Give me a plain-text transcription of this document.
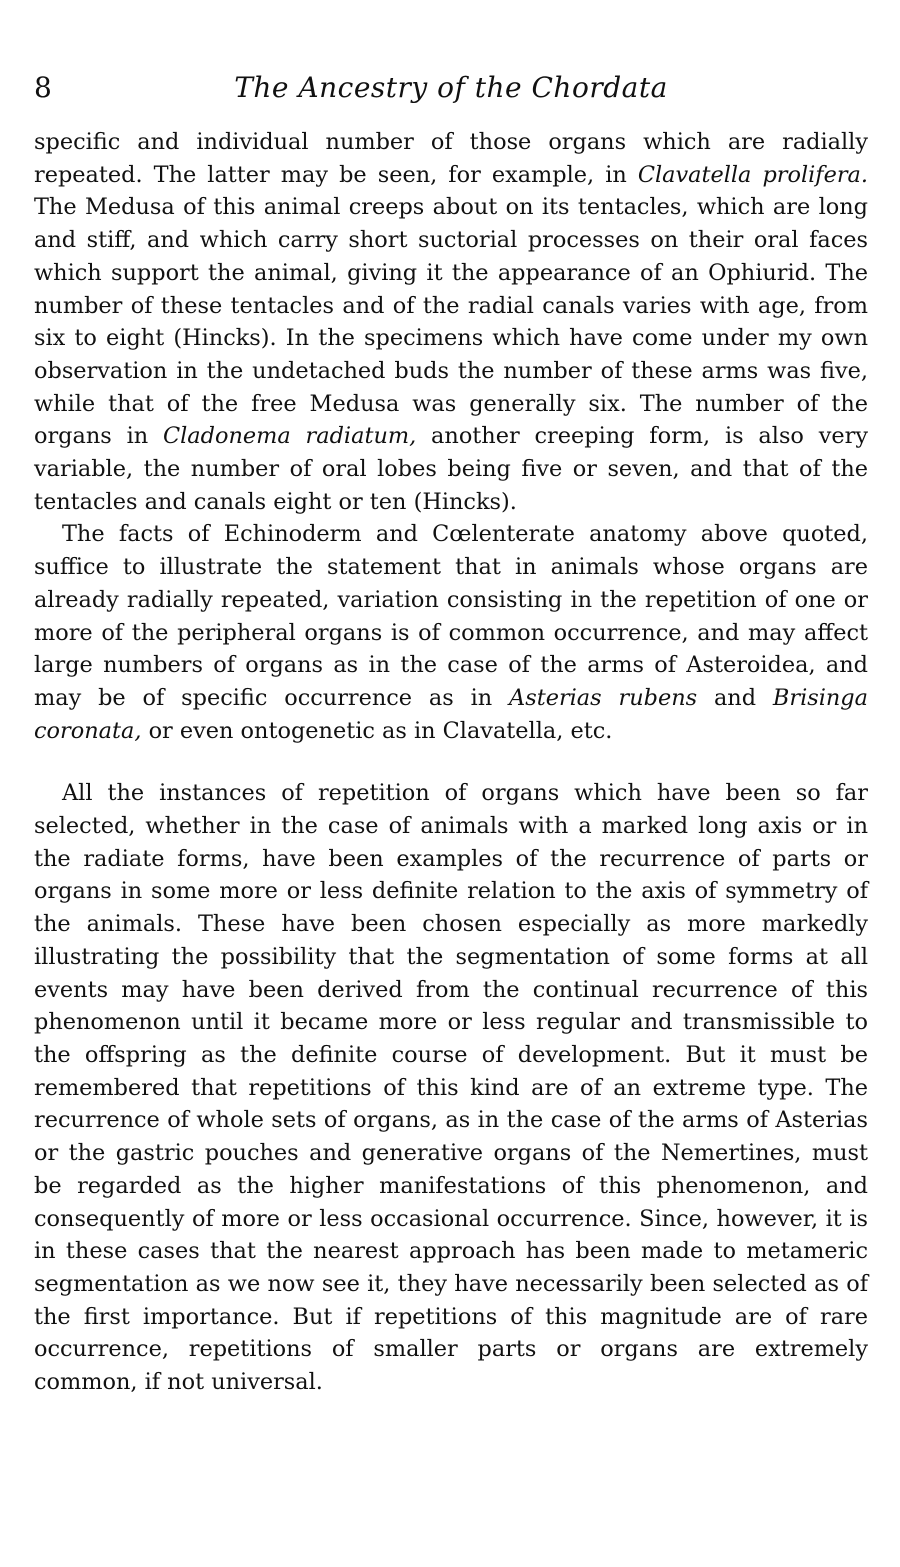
8	The Ancestry of the Chordata

specific and individual number of those organs which are radially repeated. The latter may be seen, for example, in Clavatella prolifera. The Medusa of this animal creeps about on its tentacles, which are long and stiff, and which carry short suctorial processes on their oral faces which support the animal, giving it the appearance of an Ophiurid. The number of these tentacles and of the radial canals varies with age, from six to eight (Hincks). In the specimens which have come under my own observation in the undetached buds the number of these arms was five, while that of the free Medusa was generally six. The number of the organs in Cladonema radiatum, another creeping form, is also very variable, the number of oral lobes being five or seven, and that of the tentacles and canals eight or ten (Hincks).

The facts of Echinoderm and Cœlenterate anatomy above quoted, suffice to illustrate the statement that in animals whose organs are already radially repeated, variation consisting in the repetition of one or more of the peripheral organs is of common occurrence, and may affect large numbers of organs as in the case of the arms of Asteroidea, and may be of specific occurrence as in Asterias rubens and Brisinga coronata, or even ontogenetic as in Clavatella, etc.

All the instances of repetition of organs which have been so far selected, whether in the case of animals with a marked long axis or in the radiate forms, have been examples of the recurrence of parts or organs in some more or less definite relation to the axis of symmetry of the animals. These have been chosen especially as more markedly illustrating the possibility that the segmentation of some forms at all events may have been derived from the continual recurrence of this phenomenon until it became more or less regular and transmissible to the offspring as the definite course of development. But it must be remembered that repetitions of this kind are of an extreme type. The recurrence of whole sets of organs, as in the case of the arms of Asterias or the gastric pouches and generative organs of the Nemertines, must be regarded as the higher manifestations of this phenomenon, and consequently of more or less occasional occurrence. Since, however, it is in these cases that the nearest approach has been made to metameric segmentation as we now see it, they have necessarily been selected as of the first importance. But if repetitions of this magnitude are of rare occurrence, repetitions of smaller parts or organs are extremely common, if not universal.
